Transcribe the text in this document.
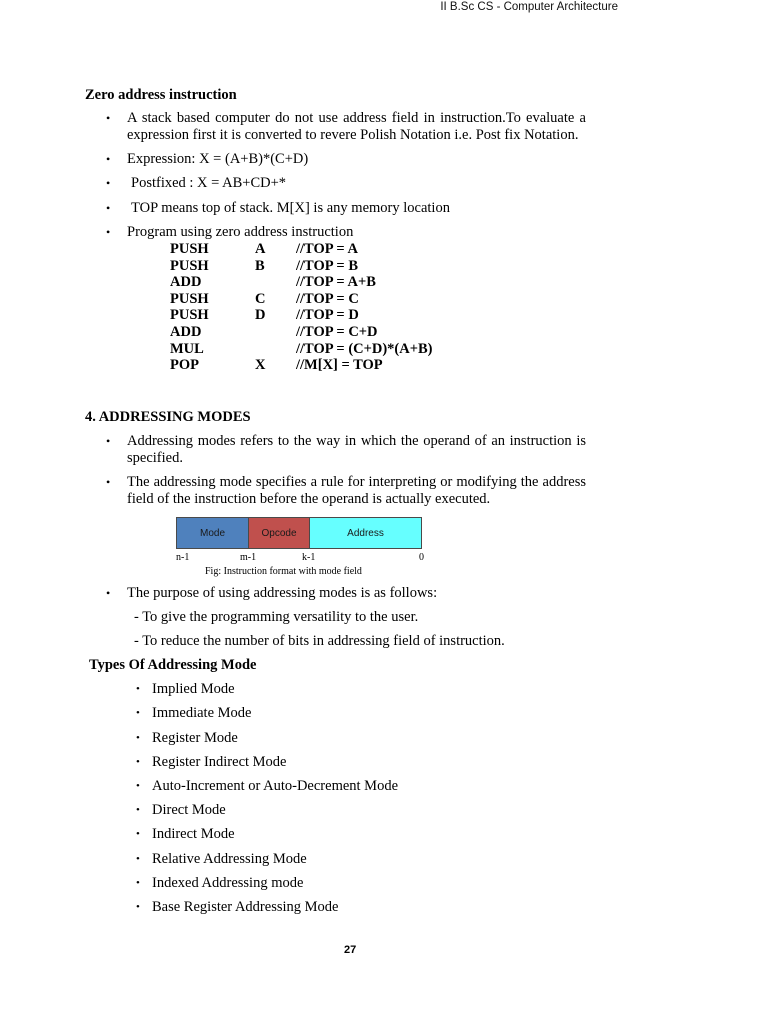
II B.Sc CS - Computer Architecture
Zero address instruction
• A stack based computer do not use address field in instruction.To evaluate a expression first it is converted to revere Polish Notation i.e. Post fix Notation.
• Expression: X = (A+B)*(C+D)
• Postfixed : X = AB+CD+*
• TOP means top of stack. M[X] is any memory location
• Program using zero address instruction
PUSH	A //TOP = A
PUSH	B //TOP = B
ADD	//TOP = A+B
PUSH	C //TOP = C
PUSH	D //TOP = D
ADD	//TOP = C+D
MUL	//TOP = (C+D)*(A+B)
POP	X //M[X] = TOP
4. ADDRESSING MODES
• Addressing modes refers to the way in which the operand of an instruction is specified.
• The addressing mode specifies a rule for interpreting or modifying the address field of the instruction before the operand is actually executed.
Mode	Opcode	Address
n-1	m-1	k-1	0
Fig: Instruction format with mode field
• The purpose of using addressing modes is as follows:
- To give the programming versatility to the user.
- To reduce the number of bits in addressing field of instruction.
Types Of Addressing Mode
• Implied Mode
• Immediate Mode
• Register Mode
• Register Indirect Mode
• Auto-Increment or Auto-Decrement Mode
• Direct Mode
• Indirect Mode
• Relative Addressing Mode
• Indexed Addressing mode
• Base Register Addressing Mode
27
